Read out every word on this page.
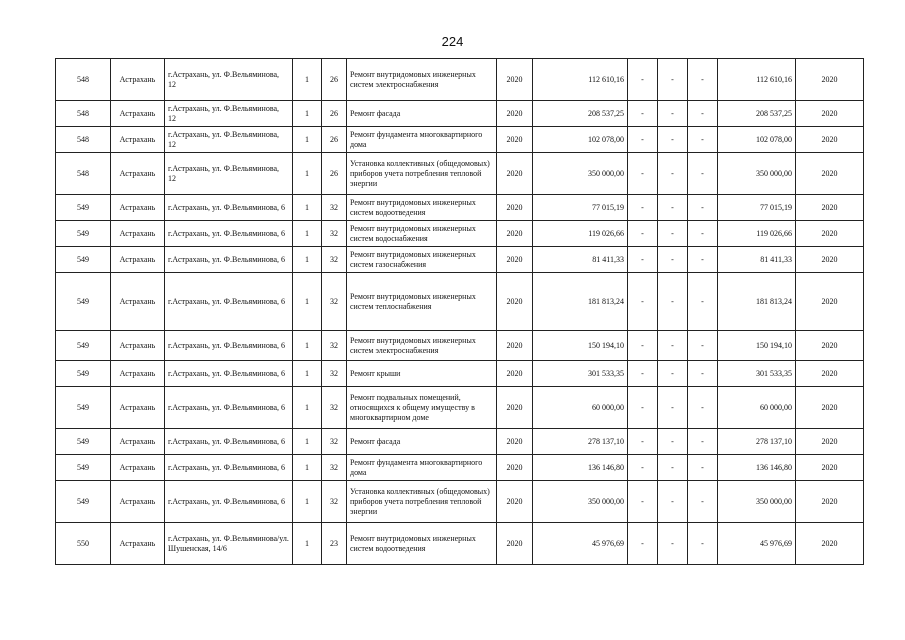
224
548	Астрахань	г.Астрахань, ул. Ф.Вельяминова, 12	1	26	Ремонт внутридомовых инженерных систем электроснабжения	2020	112 610,16	-	-	-	112 610,16	2020
548	Астрахань	г.Астрахань, ул. Ф.Вельяминова, 12	1	26	Ремонт фасада	2020	208 537,25	-	-	-	208 537,25	2020
548	Астрахань	г.Астрахань, ул. Ф.Вельяминова, 12	1	26	Ремонт фундамента многоквартирного дома	2020	102 078,00	-	-	-	102 078,00	2020
548	Астрахань	г.Астрахань, ул. Ф.Вельяминова, 12	1	26	Установка коллективных (общедомовых) приборов учета потребления тепловой энергии	2020	350 000,00	-	-	-	350 000,00	2020
549	Астрахань	г.Астрахань, ул. Ф.Вельяминова, 6	1	32	Ремонт внутридомовых инженерных систем водоотведения	2020	77 015,19	-	-	-	77 015,19	2020
549	Астрахань	г.Астрахань, ул. Ф.Вельяминова, 6	1	32	Ремонт внутридомовых инженерных систем водоснабжения	2020	119 026,66	-	-	-	119 026,66	2020
549	Астрахань	г.Астрахань, ул. Ф.Вельяминова, 6	1	32	Ремонт внутридомовых инженерных систем газоснабжения	2020	81 411,33	-	-	-	81 411,33	2020
549	Астрахань	г.Астрахань, ул. Ф.Вельяминова, 6	1	32	Ремонт внутридомовых инженерных систем теплоснабжения	2020	181 813,24	-	-	-	181 813,24	2020
549	Астрахань	г.Астрахань, ул. Ф.Вельяминова, 6	1	32	Ремонт внутридомовых инженерных систем электроснабжения	2020	150 194,10	-	-	-	150 194,10	2020
549	Астрахань	г.Астрахань, ул. Ф.Вельяминова, 6	1	32	Ремонт крыши	2020	301 533,35	-	-	-	301 533,35	2020
549	Астрахань	г.Астрахань, ул. Ф.Вельяминова, 6	1	32	Ремонт подвальных помещений, относящихся к общему имуществу в многоквартирном доме	2020	60 000,00	-	-	-	60 000,00	2020
549	Астрахань	г.Астрахань, ул. Ф.Вельяминова, 6	1	32	Ремонт фасада	2020	278 137,10	-	-	-	278 137,10	2020
549	Астрахань	г.Астрахань, ул. Ф.Вельяминова, 6	1	32	Ремонт фундамента многоквартирного дома	2020	136 146,80	-	-	-	136 146,80	2020
549	Астрахань	г.Астрахань, ул. Ф.Вельяминова, 6	1	32	Установка коллективных (общедомовых) приборов учета потребления тепловой энергии	2020	350 000,00	-	-	-	350 000,00	2020
550	Астрахань	г.Астрахань, ул. Ф.Вельяминова/ул. Шушенская, 14/6	1	23	Ремонт внутридомовых инженерных систем водоотведения	2020	45 976,69	-	-	-	45 976,69	2020
